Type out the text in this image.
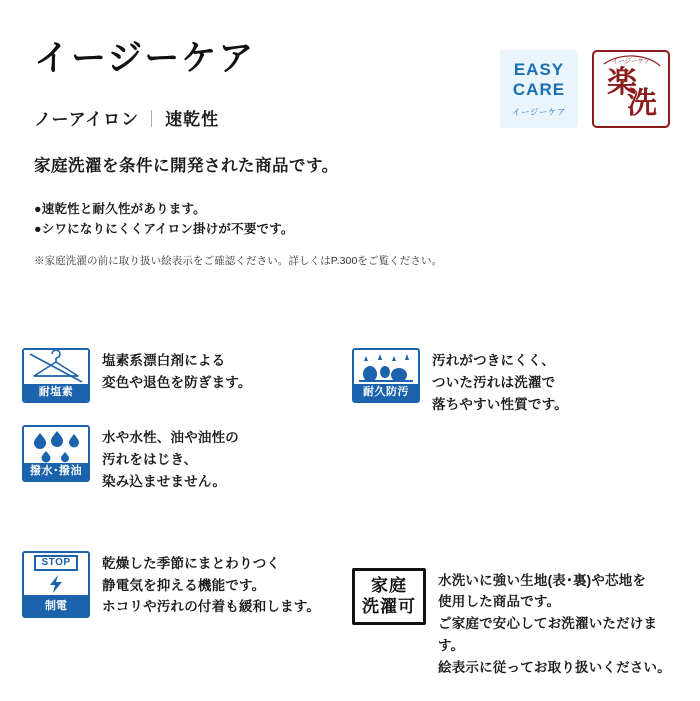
イージーケア
ノーアイロン ｜ 速乾性
家庭洗濯を条件に開発された商品です。
●速乾性と耐久性があります。
●シワになりにくくアイロン掛けが不要です。
※家庭洗濯の前に取り扱い絵表示をご確認ください。詳しくはP.300をご覧ください。
EASY
CARE
イージーケア
イージーケア
楽
洗
耐塩素
塩素系漂白剤による
変色や退色を防ぎます。
撥水･撥油
水や水性、油や油性の
汚れをはじき、
染み込ませません。
STOP
制電
乾燥した季節にまとわりつく
静電気を抑える機能です。
ホコリや汚れの付着も緩和します。
耐久防汚
汚れがつきにくく、
ついた汚れは洗濯で
落ちやすい性質です。
家庭
洗濯可
水洗いに強い生地(表･裏)や芯地を
使用した商品です。
ご家庭で安心してお洗濯いただけます。
絵表示に従ってお取り扱いください。
